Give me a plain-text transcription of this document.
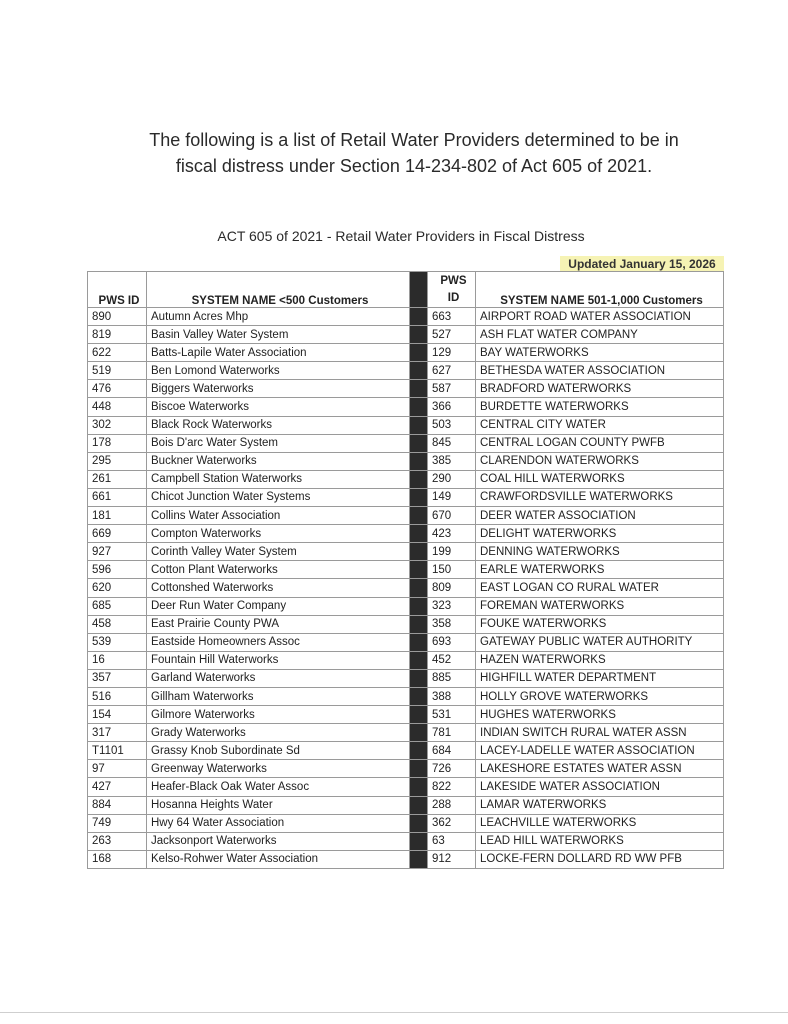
The following is a list of Retail Water Providers determined to be in
fiscal distress under Section 14-234-802 of Act 605 of 2021.
ACT 605 of 2021 - Retail Water Providers in Fiscal Distress
Updated January 15, 2026
PWS ID	SYSTEM NAME <500 Customers		PWS
ID	SYSTEM NAME 501-1,000 Customers
890	Autumn Acres Mhp		663	AIRPORT ROAD WATER ASSOCIATION
819	Basin Valley Water System		527	ASH FLAT WATER COMPANY
622	Batts-Lapile Water Association		129	BAY WATERWORKS
519	Ben Lomond Waterworks		627	BETHESDA WATER ASSOCIATION
476	Biggers Waterworks		587	BRADFORD WATERWORKS
448	Biscoe Waterworks		366	BURDETTE WATERWORKS
302	Black Rock Waterworks		503	CENTRAL CITY WATER
178	Bois D'arc Water System		845	CENTRAL LOGAN COUNTY PWFB
295	Buckner Waterworks		385	CLARENDON WATERWORKS
261	Campbell Station Waterworks		290	COAL HILL WATERWORKS
661	Chicot Junction Water Systems		149	CRAWFORDSVILLE WATERWORKS
181	Collins Water Association		670	DEER WATER ASSOCIATION
669	Compton Waterworks		423	DELIGHT WATERWORKS
927	Corinth Valley Water System		199	DENNING WATERWORKS
596	Cotton Plant Waterworks		150	EARLE WATERWORKS
620	Cottonshed Waterworks		809	EAST LOGAN CO RURAL WATER
685	Deer Run Water Company		323	FOREMAN WATERWORKS
458	East Prairie County PWA		358	FOUKE WATERWORKS
539	Eastside Homeowners Assoc		693	GATEWAY PUBLIC WATER AUTHORITY
16	Fountain Hill Waterworks		452	HAZEN WATERWORKS
357	Garland Waterworks		885	HIGHFILL WATER DEPARTMENT
516	Gillham Waterworks		388	HOLLY GROVE WATERWORKS
154	Gilmore Waterworks		531	HUGHES WATERWORKS
317	Grady Waterworks		781	INDIAN SWITCH RURAL WATER ASSN
T1101	Grassy Knob Subordinate Sd		684	LACEY-LADELLE WATER ASSOCIATION
97	Greenway Waterworks		726	LAKESHORE ESTATES WATER ASSN
427	Heafer-Black Oak Water Assoc		822	LAKESIDE WATER ASSOCIATION
884	Hosanna Heights Water		288	LAMAR WATERWORKS
749	Hwy 64 Water Association		362	LEACHVILLE WATERWORKS
263	Jacksonport Waterworks		63	LEAD HILL WATERWORKS
168	Kelso-Rohwer Water Association		912	LOCKE-FERN DOLLARD RD WW PFB
